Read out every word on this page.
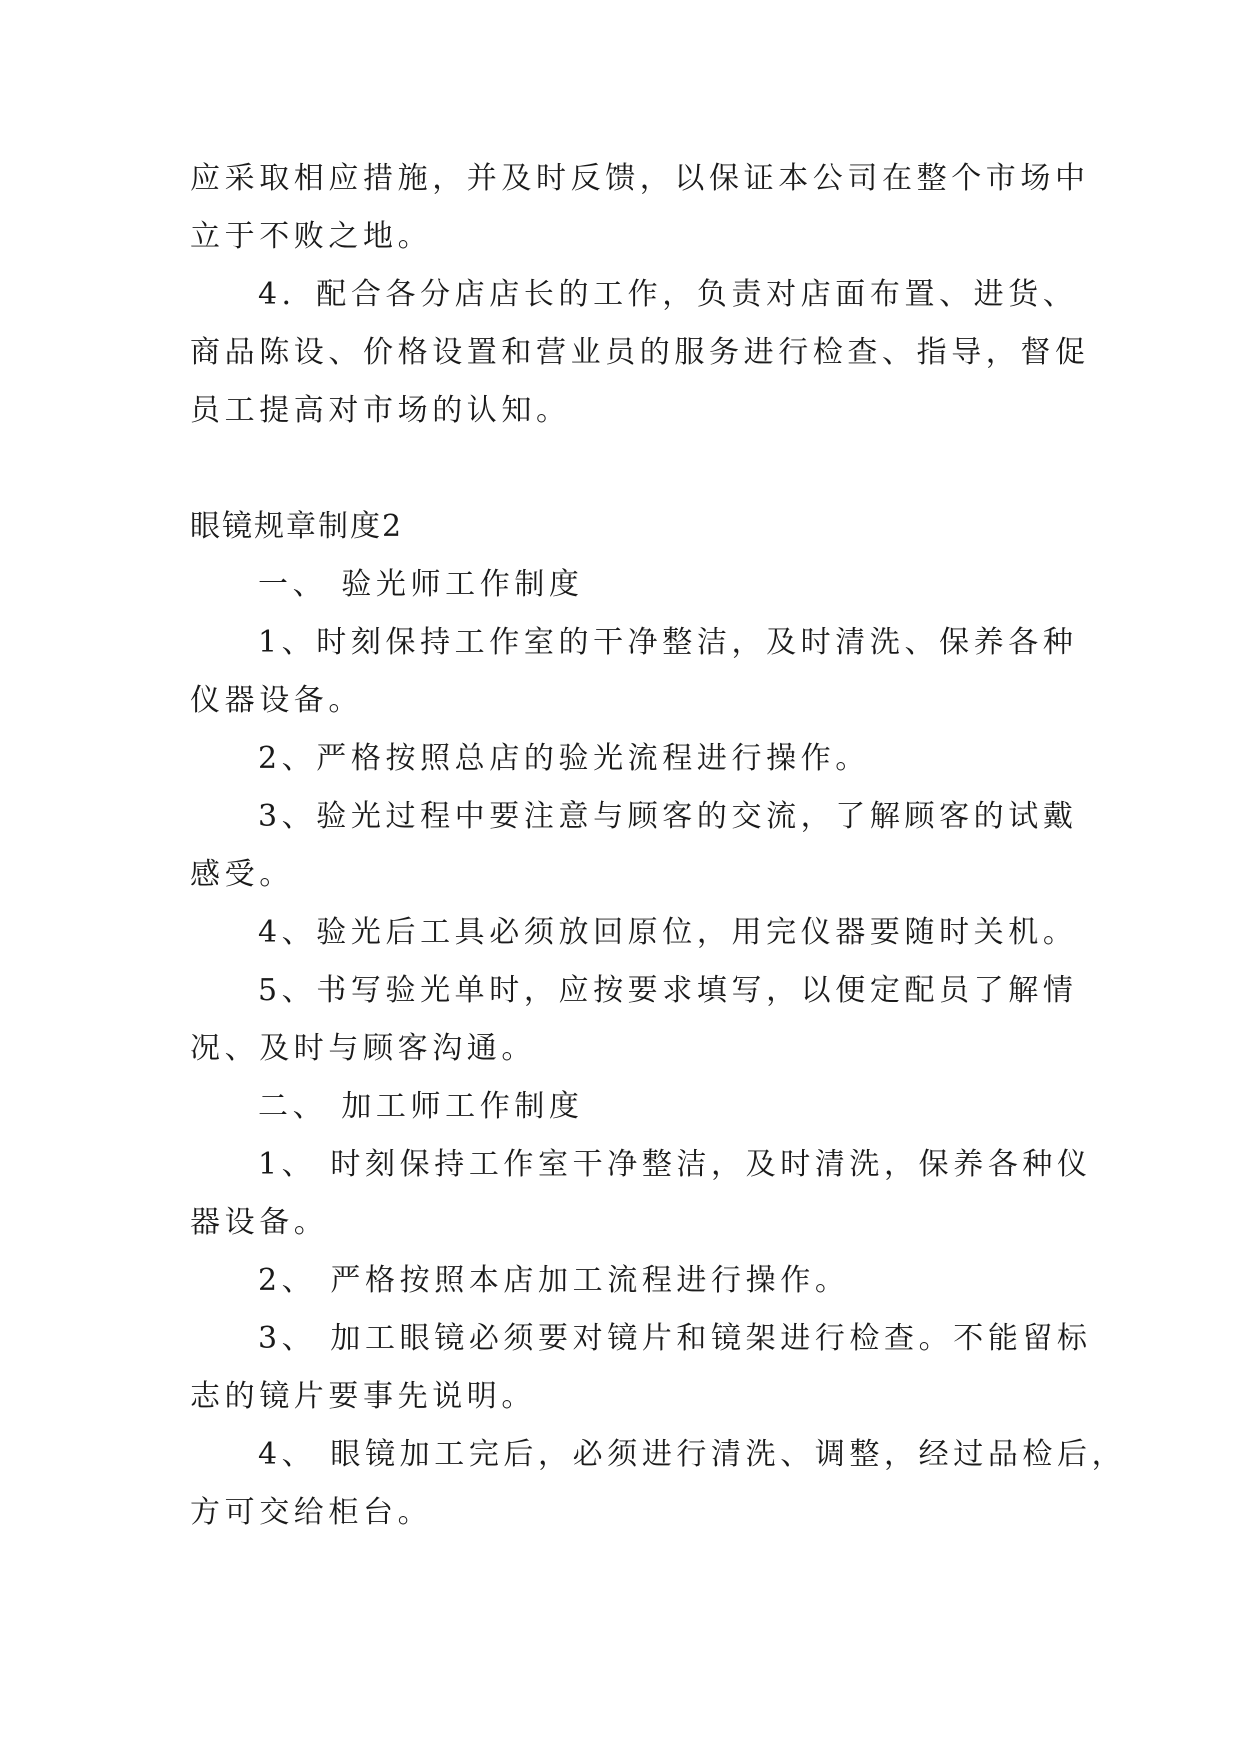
应采取相应措施，并及时反馈，以保证本公司在整个市场中

立于不败之地。

4．配合各分店店长的工作，负责对店面布置、进货、

商品陈设、价格设置和营业员的服务进行检查、指导，督促

员工提高对市场的认知。

眼镜规章制度2

一、 验光师工作制度

1、时刻保持工作室的干净整洁，及时清洗、保养各种

仪器设备。

2、严格按照总店的验光流程进行操作。

3、验光过程中要注意与顾客的交流，了解顾客的试戴

感受。

4、验光后工具必须放回原位，用完仪器要随时关机。

5、书写验光单时，应按要求填写，以便定配员了解情

况、及时与顾客沟通。

二、 加工师工作制度

1、 时刻保持工作室干净整洁，及时清洗，保养各种仪

器设备。

2、 严格按照本店加工流程进行操作。

3、 加工眼镜必须要对镜片和镜架进行检查。不能留标

志的镜片要事先说明。

4、 眼镜加工完后，必须进行清洗、调整，经过品检后，

方可交给柜台。
